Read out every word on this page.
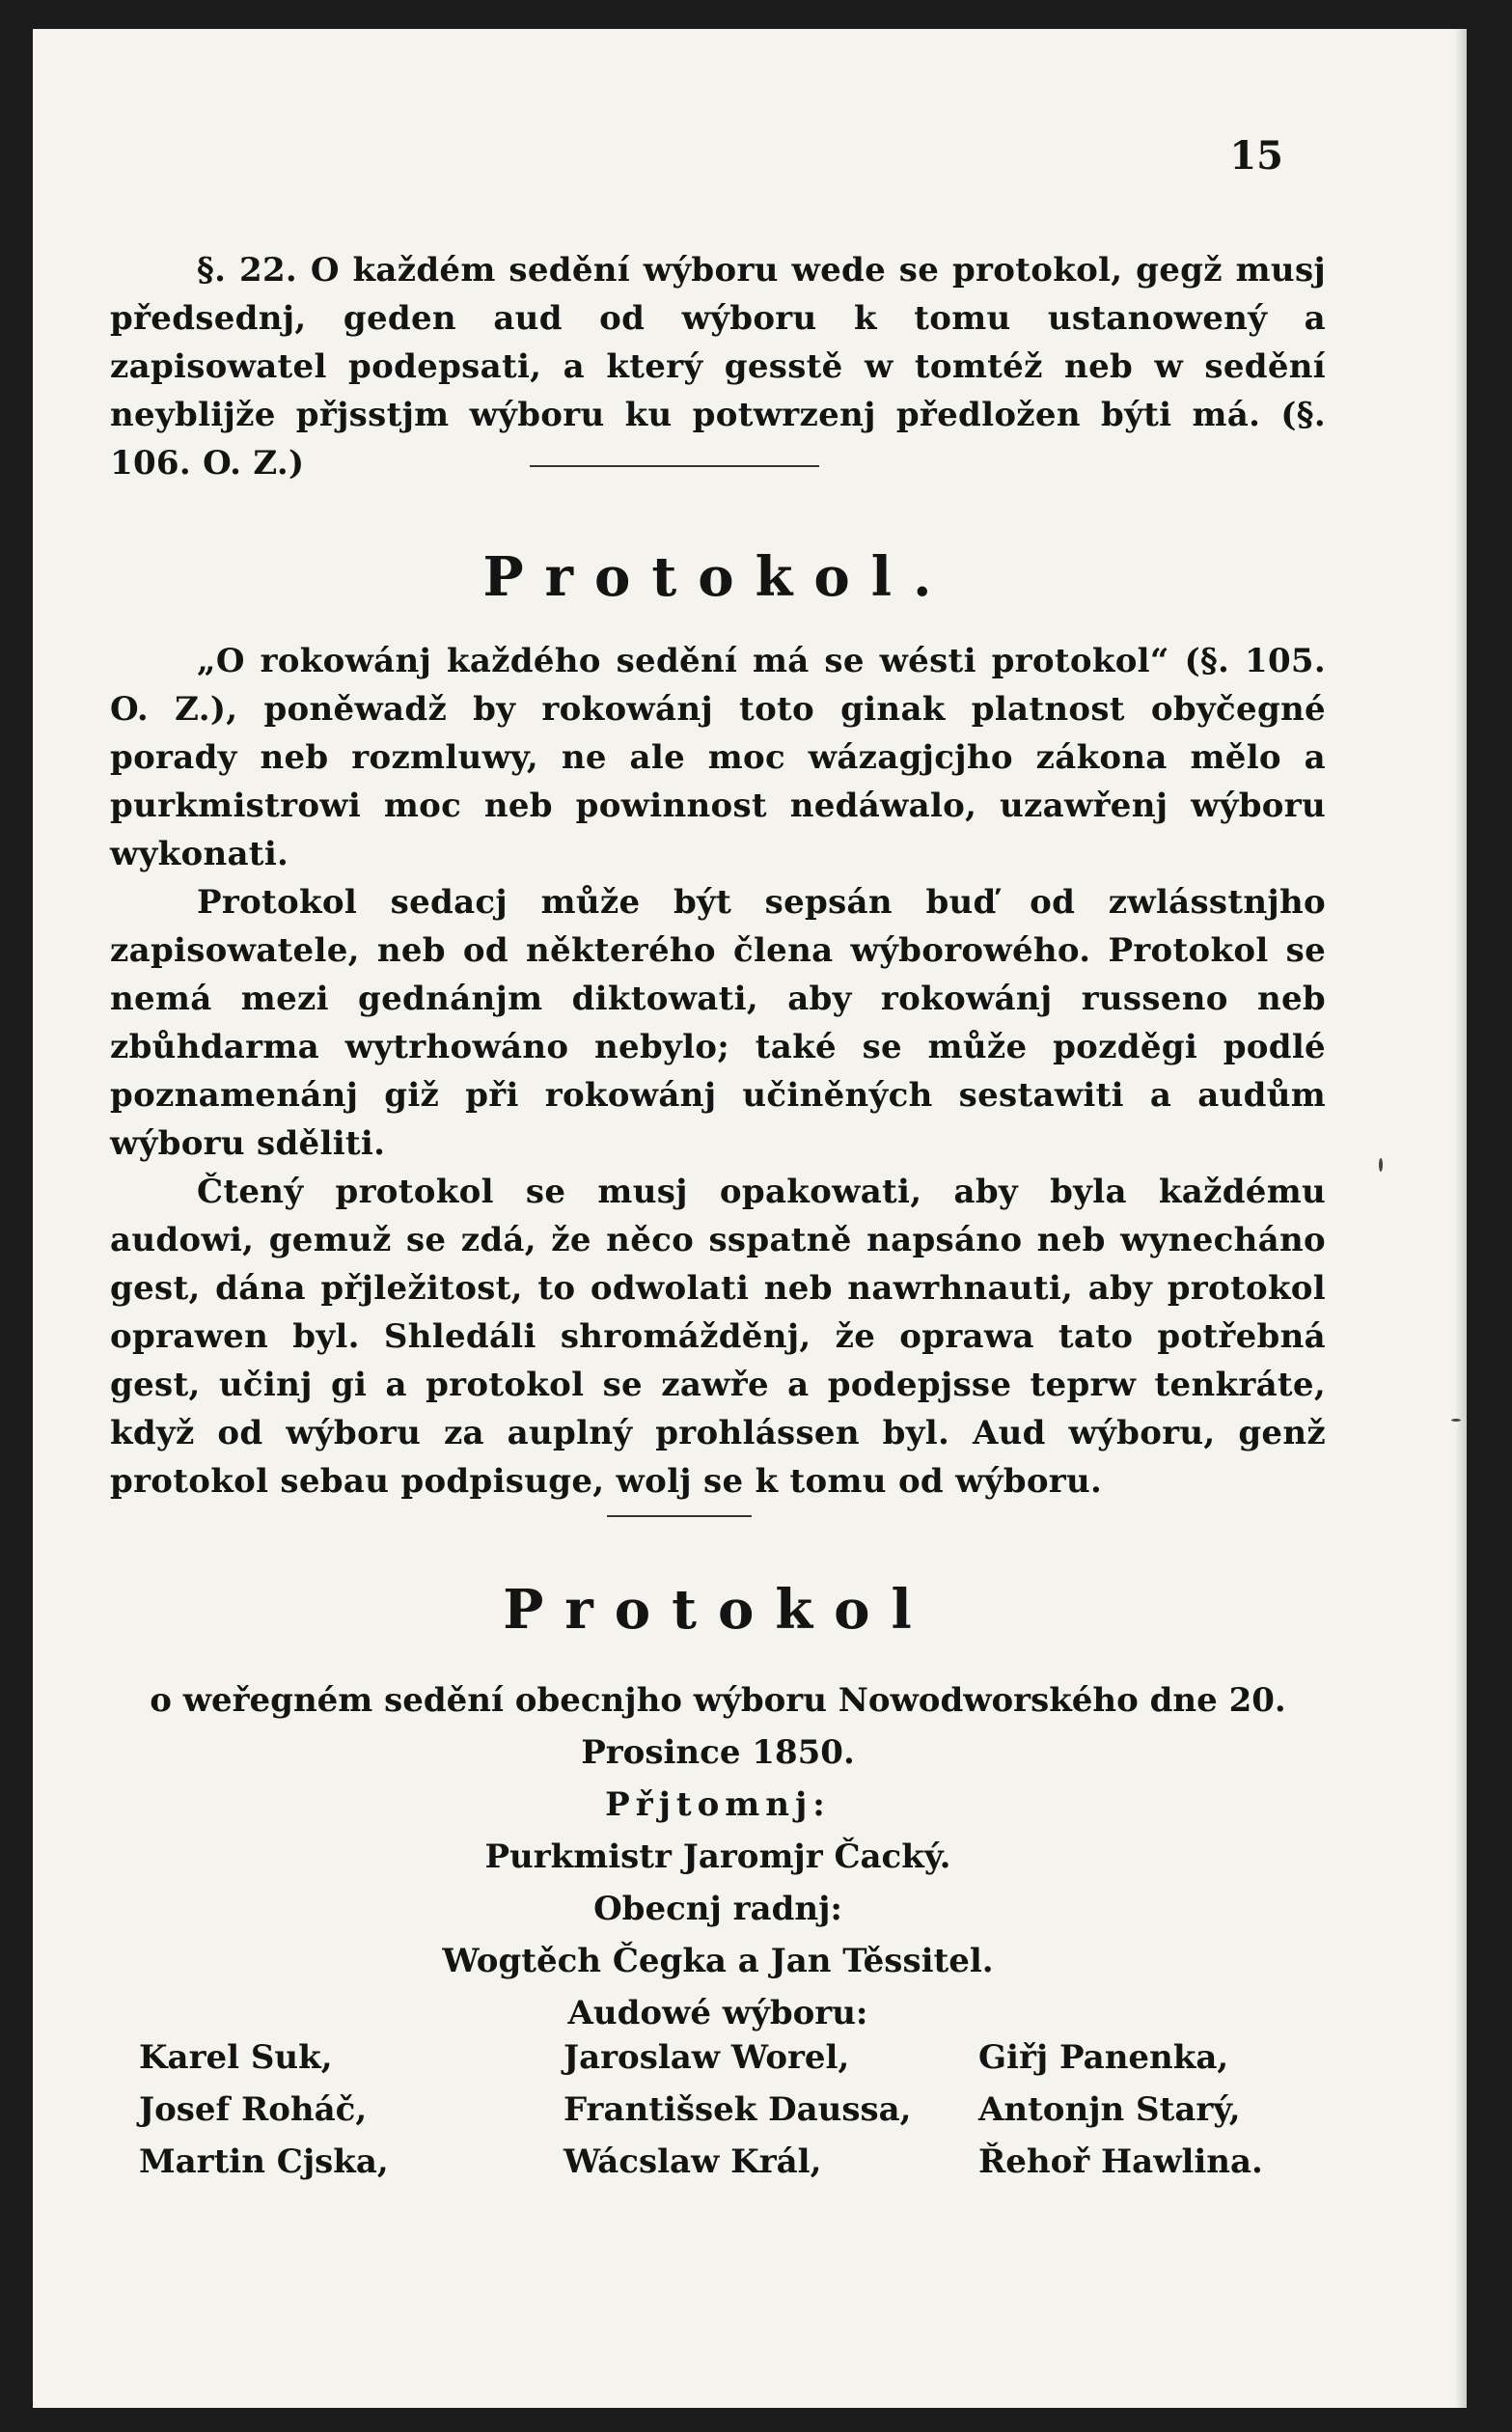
15

§. 22. O každém sedění wýboru wede se protokol, gegž musj předsednj, geden aud od wýboru k tomu ustanowený a zapisowatel podepsati, a který gesstě w tomtéž neb w sedění neyblijže přjsstjm wýboru ku potwrzenj předložen býti má. (§. 106. O. Z.)

Protokol.

„O rokowánj každého sedění má se wésti protokol“ (§. 105. O. Z.), poněwadž by rokowánj toto ginak platnost obyčegné porady neb rozmluwy, ne ale moc wázagjcjho zákona mělo a purkmistrowi moc neb powinnost nedáwalo, uzawřenj wýboru wykonati.

Protokol sedacj může být sepsán buď od zwlásstnjho zapisowatele, neb od některého člena wýborowého. Protokol se nemá mezi gednánjm diktowati, aby rokowánj russeno neb zbůhdarma wytrhowáno nebylo; také se může pozděgi podlé poznamenánj giž při rokowánj učiněných sestawiti a audům wýboru sděliti.

Čtený protokol se musj opakowati, aby byla každému audowi, gemuž se zdá, že něco sspatně napsáno neb wynecháno gest, dána přjležitost, to odwolati neb nawrhnauti, aby protokol oprawen byl. Shledáli shromážděnj, že oprawa tato potřebná gest, učinj gi a protokol se zawře a podepjsse teprw tenkráte, když od wýboru za auplný prohlássen byl. Aud wýboru, genž protokol sebau podpisuge, wolj se k tomu od wýboru.

Protokol
o weřegném sedění obecnjho wýboru Nowodworského dne 20.
Prosince 1850.
Přjtomnj:
Purkmistr Jaromjr Čacký.
Obecnj radnj:
Wogtěch Čegka a Jan Těssitel.
Audowé wýboru:
Karel Suk,	Jaroslaw Worel,	Giřj Panenka,
Josef Roháč,	Františsek Daussa,	Antonjn Starý,
Martin Cjska,	Wácslaw Král,	Řehoř Hawlina.
